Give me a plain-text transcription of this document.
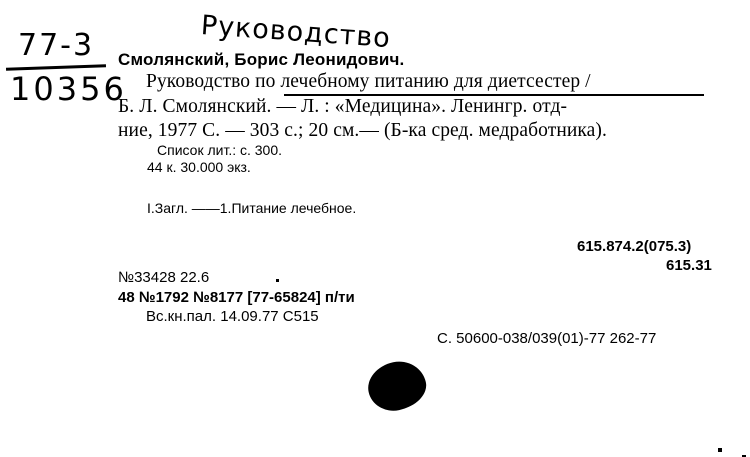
Руководство
77-3
10356
Смолянский, Борис Леонидович.
Руководство по лечебному питанию для диетсестер /
Б. Л. Смолянский. — Л. : «Медицина». Ленингр. отд-
ние, 1977 С. — 303 с.; 20 см.— (Б-ка сред. медработника).
Список лит.: с. 300.
44 к. 30.000 экз.
I.Загл. ——1.Питание лечебное.
615.874.2(075.3)
615.31
№33428 22.6
48 №1792 №8177 [77-65824] п/ти
Вс.кн.пал. 14.09.77 С515
С. 50600-038/039(01)-77 262-77
